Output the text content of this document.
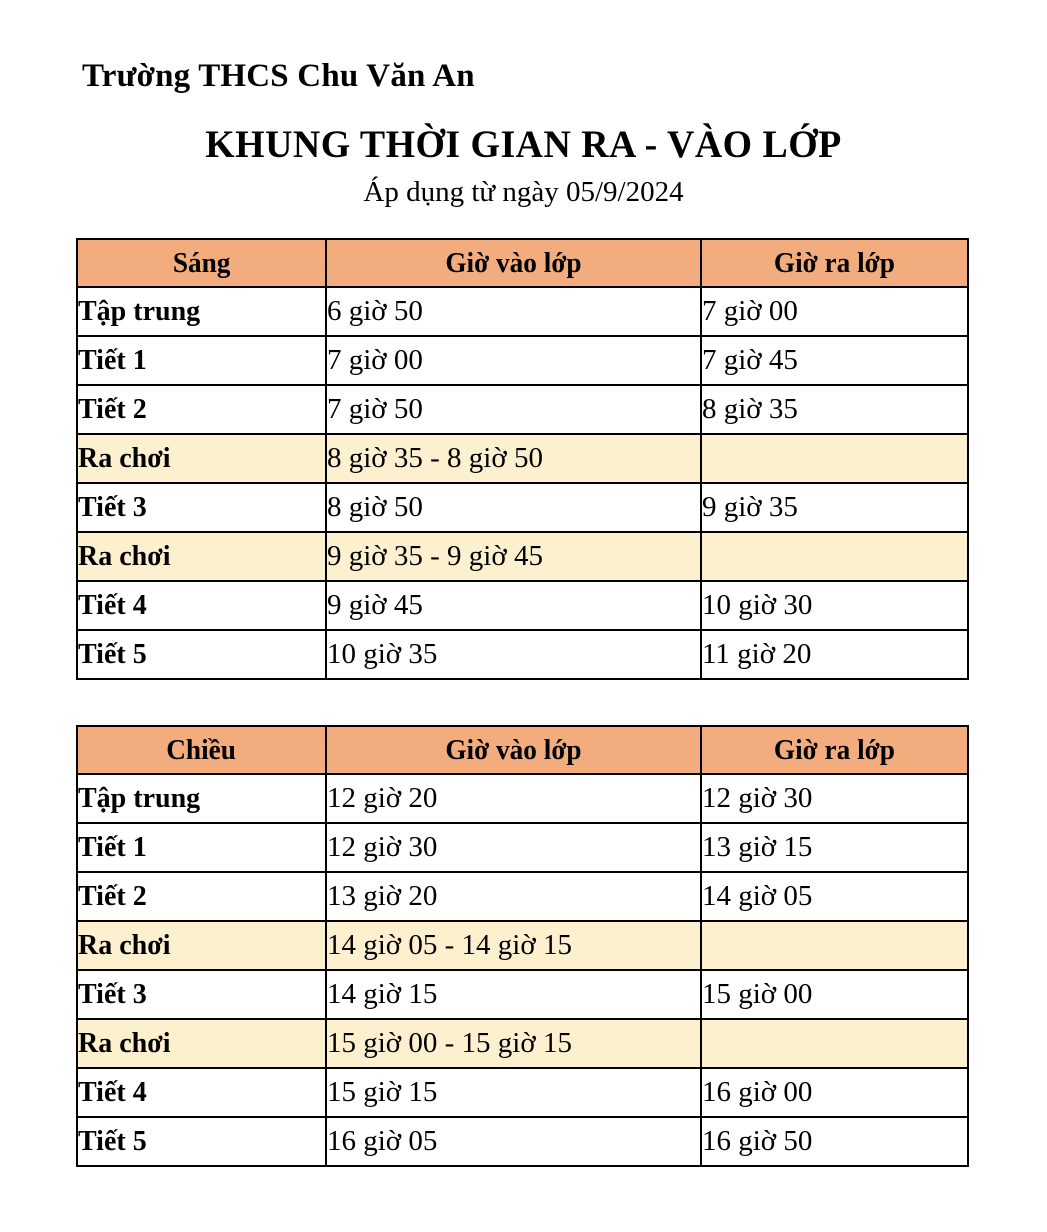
Trường THCS Chu Văn An
KHUNG THỜI GIAN RA - VÀO LỚP
Áp dụng từ ngày 05/9/2024
Sáng	Giờ vào lớp	Giờ ra lớp
Tập trung	6 giờ 50	7 giờ 00
Tiết 1	7 giờ 00	7 giờ 45
Tiết 2	7 giờ 50	8 giờ 35
Ra chơi	8 giờ 35 - 8 giờ 50	
Tiết 3	8 giờ 50	9 giờ 35
Ra chơi	9 giờ 35 - 9 giờ 45	
Tiết 4	9 giờ 45	10 giờ 30
Tiết 5	10 giờ 35	11 giờ 20
Chiều	Giờ vào lớp	Giờ ra lớp
Tập trung	12 giờ 20	12 giờ 30
Tiết 1	12 giờ 30	13 giờ 15
Tiết 2	13 giờ 20	14 giờ 05
Ra chơi	14 giờ 05 - 14 giờ 15	
Tiết 3	14 giờ 15	15 giờ 00
Ra chơi	15 giờ 00 - 15 giờ 15	
Tiết 4	15 giờ 15	16 giờ 00
Tiết 5	16 giờ 05	16 giờ 50
